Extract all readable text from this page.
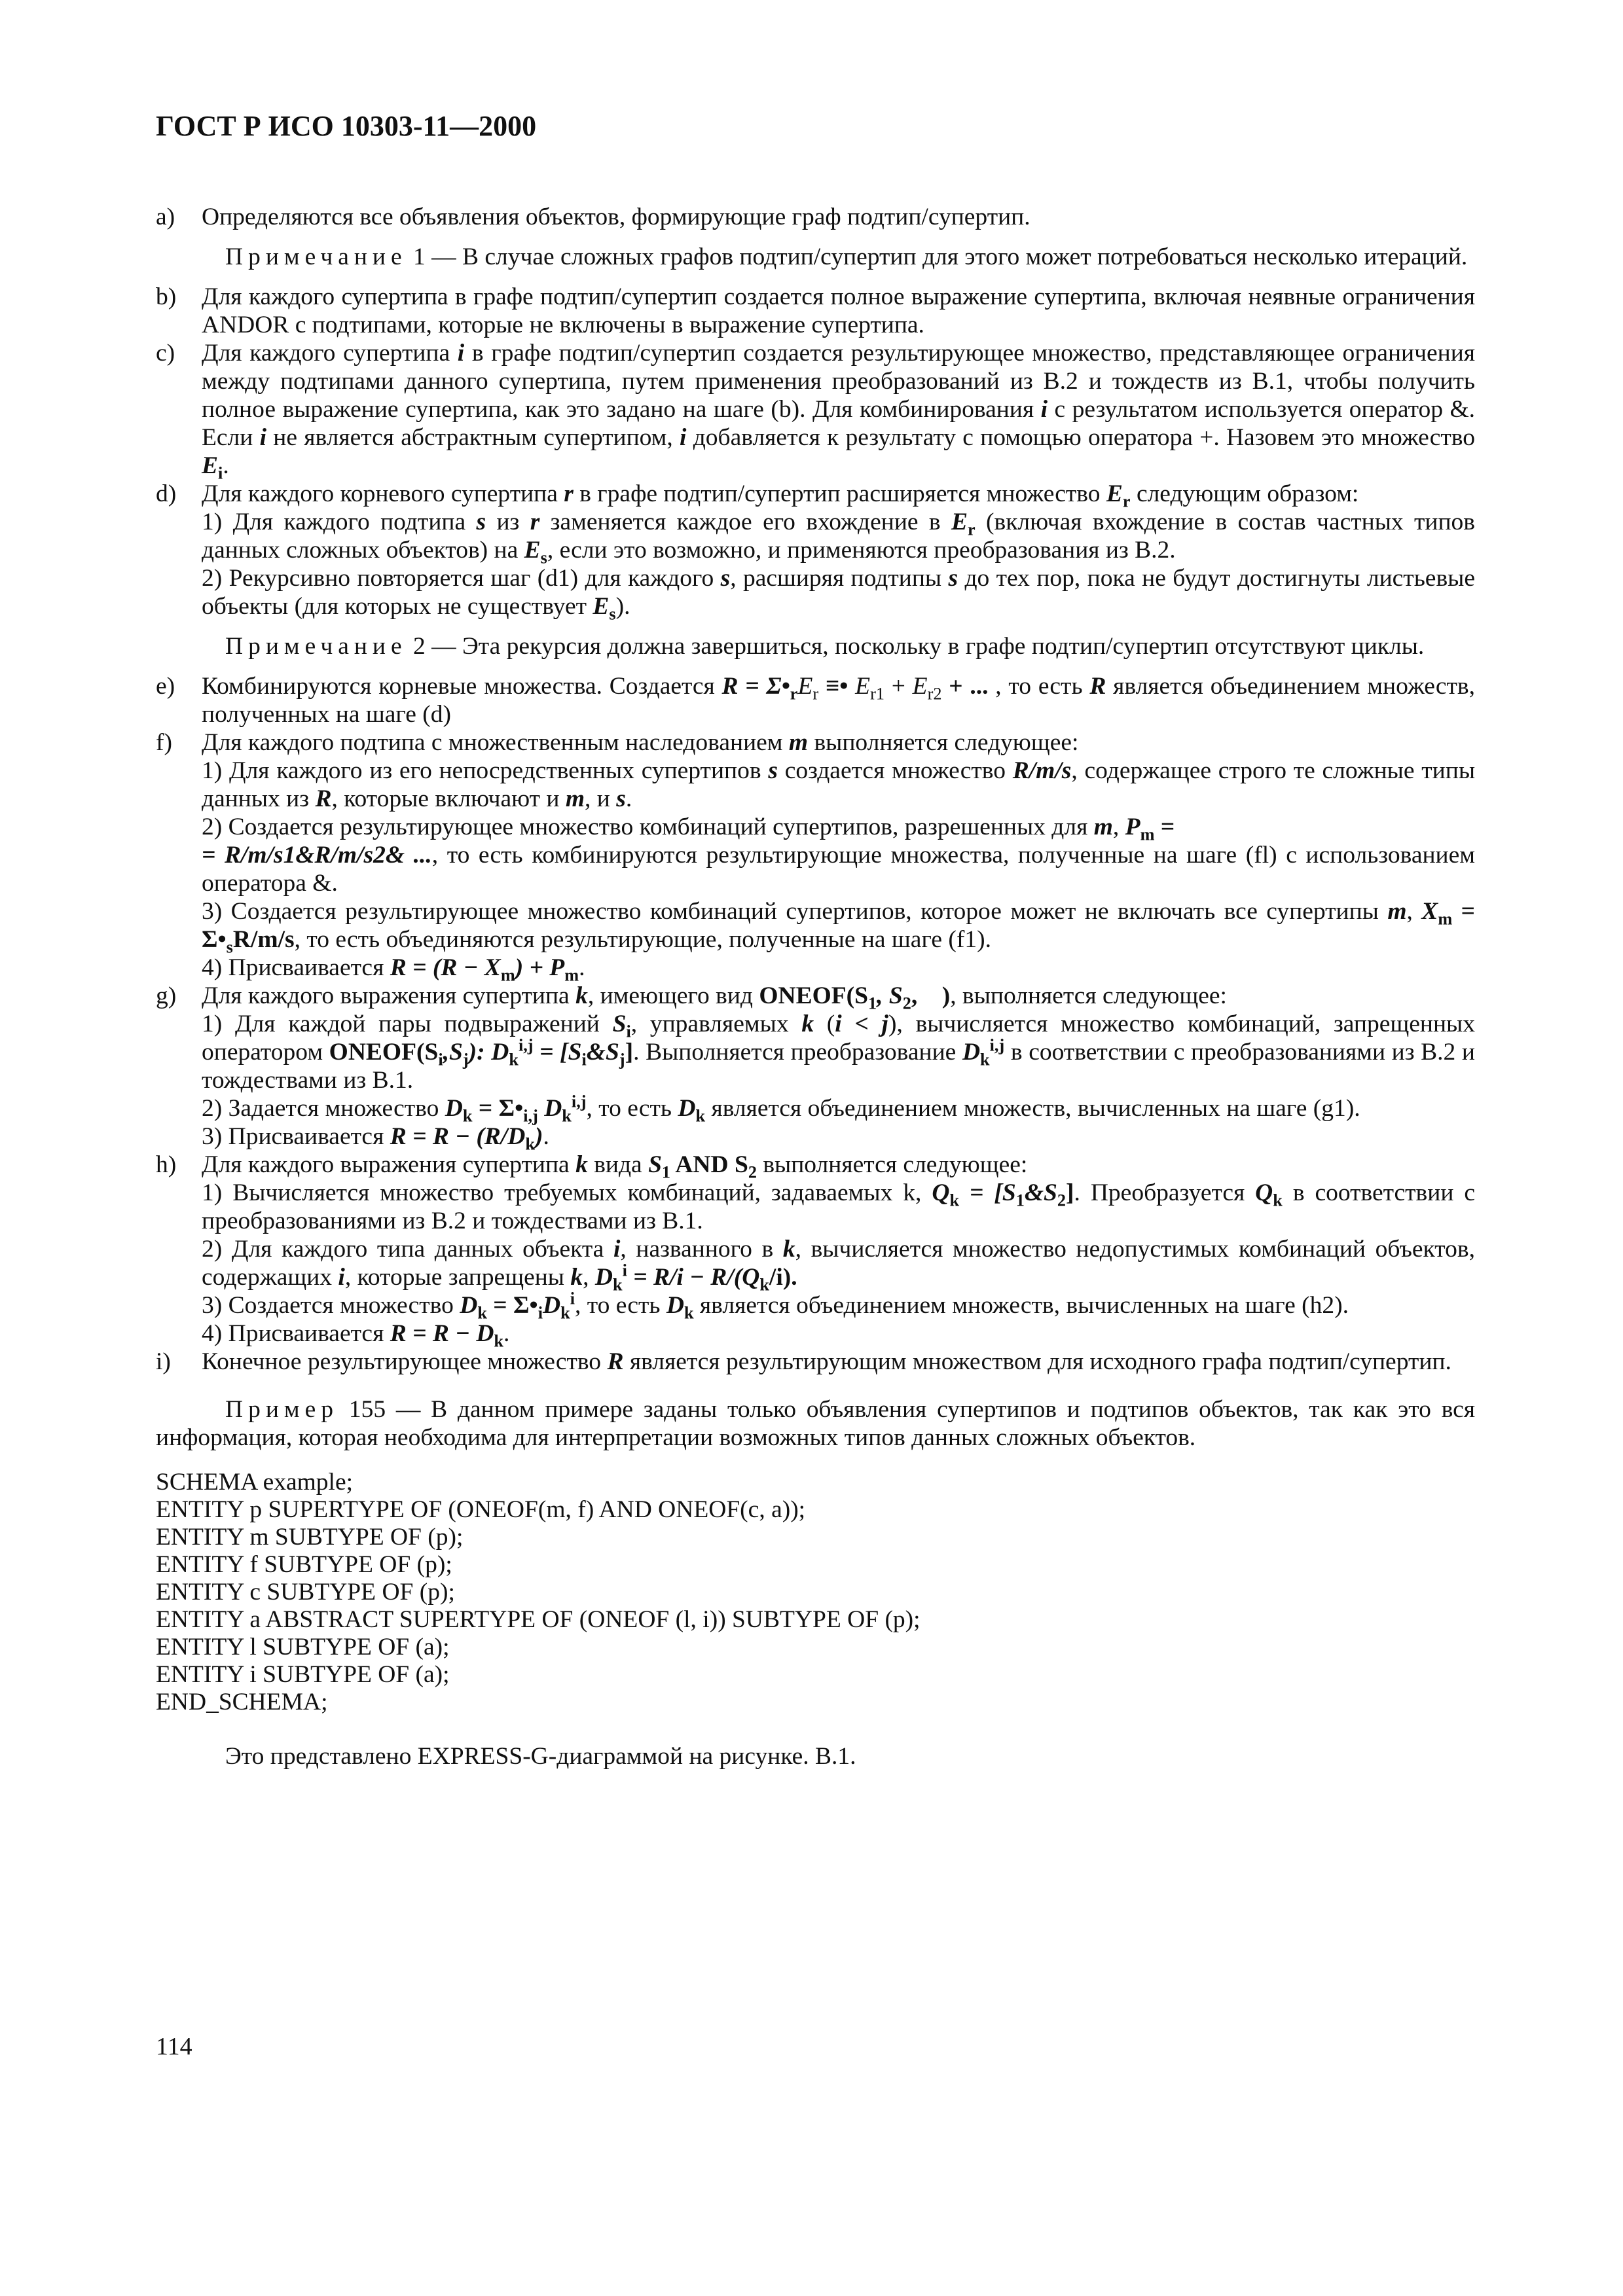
ГОСТ Р ИСО 10303-11—2000
a) Определяются все объявления объектов, формирующие граф подтип/супертип.
Примечание 1 — В случае сложных графов подтип/супертип для этого может потребоваться несколько итераций.
b) Для каждого супертипа в графе подтип/супертип создается полное выражение супертипа, включая неявные ограничения ANDOR с подтипами, которые не включены в выражение супертипа.
c) Для каждого супертипа i в графе подтип/супертип создается результирующее множество, представляющее ограничения между подтипами данного супертипа, путем применения преобразований из B.2 и тождеств из B.1, чтобы получить полное выражение супертипа, как это задано на шаге (b). Для комбинирования i с результатом используется оператор &. Если i не является абстрактным супертипом, i добавляется к результату с помощью оператора +. Назовем это множество $E_i$.
d) Для каждого корневого супертипа r в графе подтип/супертип расширяется множество $E_r$ следующим образом:
1) Для каждого подтипа s из r заменяется каждое его вхождение в $E_r$ (включая вхождение в состав частных типов данных сложных объектов) на $E_s$, если это возможно, и применяются преобразования из B.2.
2) Рекурсивно повторяется шаг (d1) для каждого s, расширяя подтипы s до тех пор, пока не будут достигнуты листьевые объекты (для которых не существует $E_s$).
Примечание 2 — Эта рекурсия должна завершиться, поскольку в графе подтип/супертип отсутствуют циклы.
e) Комбинируются корневые множества. Создается $R = \Sigma•_rE_r$ ≡• $E_{r1} + E_{r2}$ + ... , то есть R является объединением множеств, полученных на шаге (d)
f) Для каждого подтипа с множественным наследованием m выполняется следующее:
1) Для каждого из его непосредственных супертипов s создается множество R/m/s, содержащее строго те сложные типы данных из R, которые включают и m, и s.
2) Создается результирующее множество комбинаций супертипов, разрешенных для m, $P_m$ =
= R/m/s1&R/m/s2& ..., то есть комбинируются результирующие множества, полученные на шаге (fl) с использованием оператора &.
3) Создается результирующее множество комбинаций супертипов, которое может не включать все супертипы m, $X_m$ = $\Sigma•_sR/m/s$, то есть объединяются результирующие, полученные на шаге (f1).
4) Присваивается $R = (R - X_m) + P_m$.
g) Для каждого выражения супертипа k, имеющего вид $ONEOF(S_1$, $S_2$,    ), выполняется следующее:
1) Для каждой пары подвыражений $S_i$, управляемых k (i < j), вычисляется множество комбинаций, запрещенных оператором $ONEOF(S_i,S_j)$: $D_k^{i,j}$ = $[S_i\&S_j]$. Выполняется преобразование $D_k^{i,j}$ в соответствии с преобразованиями из B.2 и тождествами из B.1.
2) Задается множество $D_k$ = $\Sigma•_{i,j}$ $D_k^{i,j}$, то есть $D_k$ является объединением множеств, вычисленных на шаге (g1).
3) Присваивается $R = R - (R/D_k)$.
h) Для каждого выражения супертипа k вида $S_1$ AND $S_2$ выполняется следующее:
1) Вычисляется множество требуемых комбинаций, задаваемых k, $Q_k$ = $[S_1\&S_2]$. Преобразуется $Q_k$ в соответствии с преобразованиями из B.2 и тождествами из B.1.
2) Для каждого типа данных объекта i, названного в k, вычисляется множество недопустимых комбинаций объектов, содержащих i, которые запрещены k, $D_k^i = R/i - R/(Q_k/i)$.
3) Создается множество $D_k$ = $\Sigma•_iD_k^i$, то есть $D_k$ является объединением множеств, вычисленных на шаге (h2).
4) Присваивается $R = R - D_k$.
i) Конечное результирующее множество R является результирующим множеством для исходного графа подтип/супертип.
Пример 155 — В данном примере заданы только объявления супертипов и подтипов объектов, так как это вся информация, которая необходима для интерпретации возможных типов данных сложных объектов.
SCHEMA example;
ENTITY p SUPERTYPE OF (ONEOF(m, f) AND ONEOF(c, a));
ENTITY m SUBTYPE OF (p);
ENTITY f SUBTYPE OF (p);
ENTITY c SUBTYPE OF (p);
ENTITY a ABSTRACT SUPERTYPE OF (ONEOF (l, i)) SUBTYPE OF (p);
ENTITY l SUBTYPE OF (a);
ENTITY i SUBTYPE OF (a);
END_SCHEMA;
Это представлено EXPRESS-G-диаграммой на рисунке. B.1.
114
